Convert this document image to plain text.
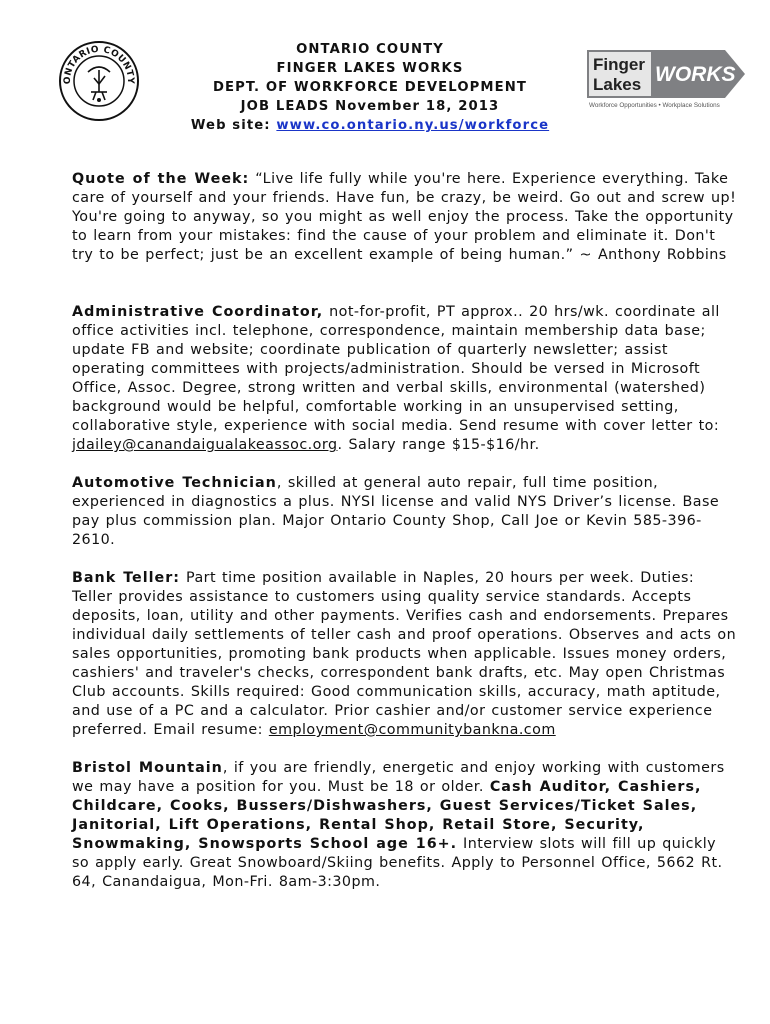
ONTARIO COUNTY
Finger
Lakes WORKS
Workforce Opportunities • Workplace Solutions
ONTARIO COUNTY
FINGER LAKES WORKS
DEPT. OF WORKFORCE DEVELOPMENT
JOB LEADS November 18, 2013
Web site: www.co.ontario.ny.us/workforce

Quote of the Week: “Live life fully while you're here. Experience everything. Take care of yourself and your friends. Have fun, be crazy, be weird. Go out and screw up! You're going to anyway, so you might as well enjoy the process. Take the opportunity to learn from your mistakes: find the cause of your problem and eliminate it. Don't try to be perfect; just be an excellent example of being human.” ~ Anthony Robbins

Administrative Coordinator, not-for-profit, PT approx.. 20 hrs/wk. coordinate all office activities incl. telephone, correspondence, maintain membership data base; update FB and website; coordinate publication of quarterly newsletter; assist operating committees with projects/administration. Should be versed in Microsoft Office, Assoc. Degree, strong written and verbal skills, environmental (watershed) background would be helpful, comfortable working in an unsupervised setting, collaborative style, experience with social media. Send resume with cover letter to: jdailey@canandaigualakeassoc.org. Salary range $15-$16/hr.

Automotive Technician, skilled at general auto repair, full time position, experienced in diagnostics a plus. NYSI license and valid NYS Driver’s license. Base pay plus commission plan. Major Ontario County Shop, Call Joe or Kevin 585-396-2610.

Bank Teller: Part time position available in Naples, 20 hours per week. Duties: Teller provides assistance to customers using quality service standards. Accepts deposits, loan, utility and other payments. Verifies cash and endorsements. Prepares individual daily settlements of teller cash and proof operations. Observes and acts on sales opportunities, promoting bank products when applicable. Issues money orders, cashiers' and traveler's checks, correspondent bank drafts, etc. May open Christmas Club accounts. Skills required: Good communication skills, accuracy, math aptitude, and use of a PC and a calculator. Prior cashier and/or customer service experience preferred. Email resume: employment@communitybankna.com

Bristol Mountain, if you are friendly, energetic and enjoy working with customers we may have a position for you. Must be 18 or older. Cash Auditor, Cashiers, Childcare, Cooks, Bussers/Dishwashers, Guest Services/Ticket Sales, Janitorial, Lift Operations, Rental Shop, Retail Store, Security, Snowmaking, Snowsports School age 16+. Interview slots will fill up quickly so apply early. Great Snowboard/Skiing benefits. Apply to Personnel Office, 5662 Rt. 64, Canandaigua, Mon-Fri. 8am-3:30pm.
